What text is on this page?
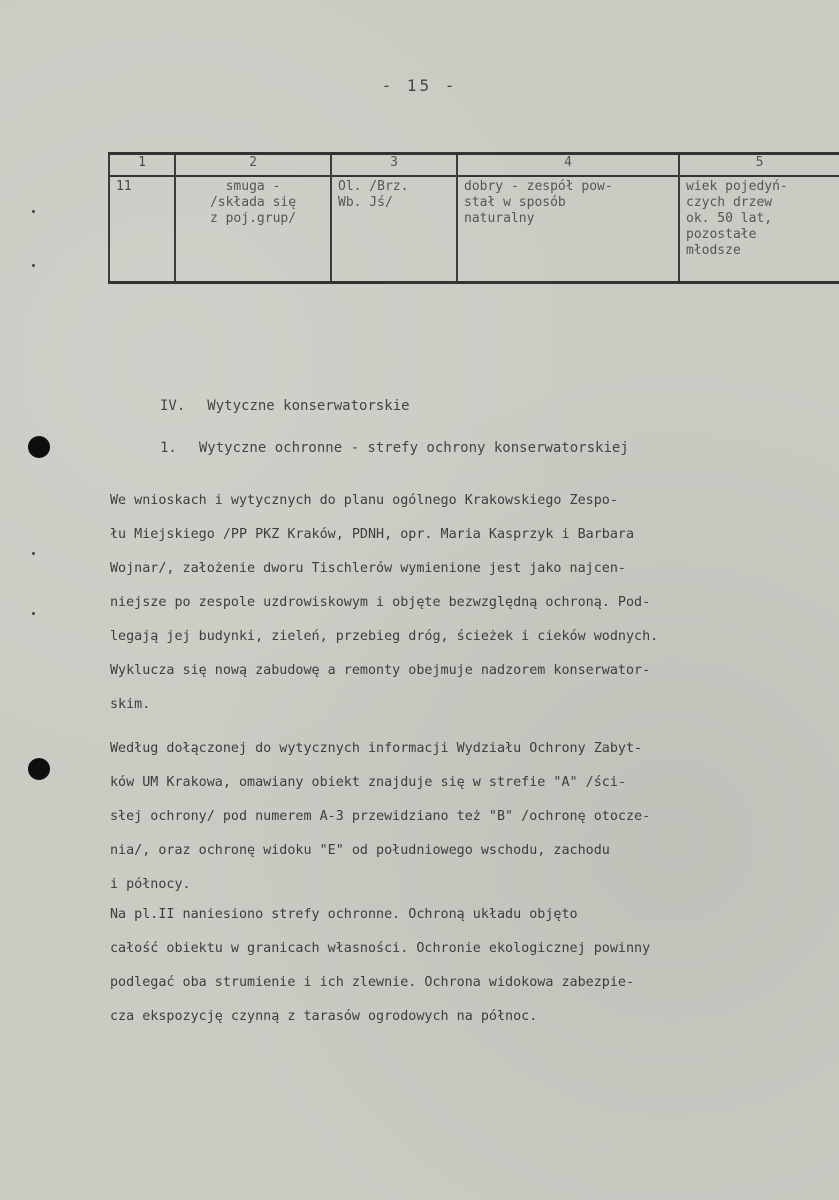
- 15 -
1	2	3	4	5

11	smuga -
/składa się
z poj.grup/	Ol. /Brz.
Wb. Jś/	dobry - zespół pow-
stał w sposób
naturalny	wiek pojedyń-
czych drzew
ok. 50 lat,
pozostałe
młodsze
IV. Wytyczne konserwatorskie
1. Wytyczne ochronne - strefy ochrony konserwatorskiej
We wnioskach i wytycznych do planu ogólnego Krakowskiego Zespo-
łu Miejskiego /PP PKZ Kraków, PDNH, opr. Maria Kasprzyk i Barbara
Wojnar/, założenie dworu Tischlerów wymienione jest jako najcen-
niejsze po zespole uzdrowiskowym i objęte bezwzględną ochroną. Pod-
legają jej budynki, zieleń, przebieg dróg, ścieżek i cieków wodnych.
Wyklucza się nową zabudowę a remonty obejmuje nadzorem konserwator-
skim.
Według dołączonej do wytycznych informacji Wydziału Ochrony Zabyt-
ków UM Krakowa, omawiany obiekt znajduje się w strefie "A" /ści-
słej ochrony/ pod numerem A-3 przewidziano też "B" /ochronę otocze-
nia/, oraz ochronę widoku "E" od południowego wschodu, zachodu
i północy.
Na pl.II naniesiono strefy ochronne. Ochroną układu objęto
całość obiektu w granicach własności. Ochronie ekologicznej powinny
podlegać oba strumienie i ich zlewnie. Ochrona widokowa zabezpie-
cza ekspozycję czynną z tarasów ogrodowych na północ.
